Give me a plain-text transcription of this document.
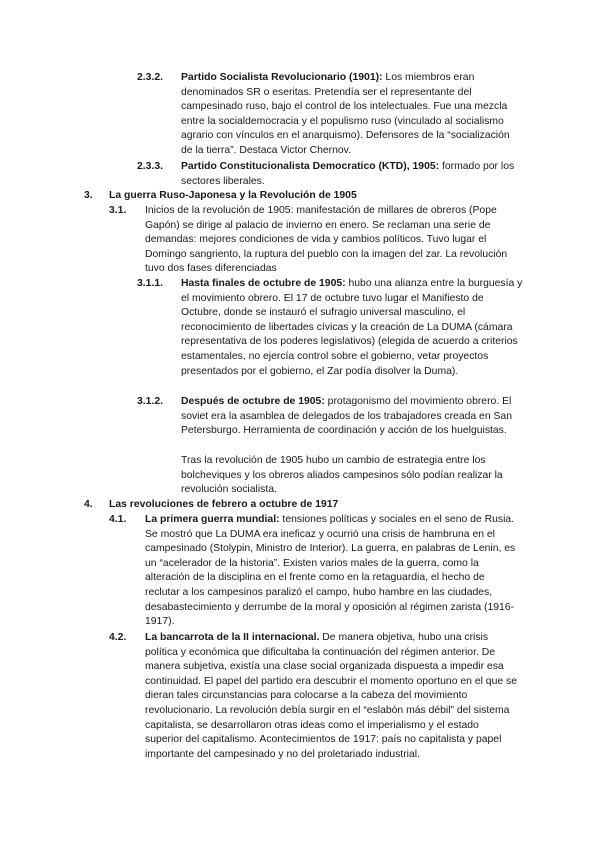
2.3.2. Partido Socialista Revolucionario (1901): Los miembros eran denominados SR o eseritas. Pretendía ser el representante del campesinado ruso, bajo el control de los intelectuales. Fue una mezcla entre la socialdemocracia y el populismo ruso (vinculado al socialismo agrario con vínculos en el anarquismo). Defensores de la “socialización de la tierra”. Destaca Victor Chernov.

2.3.3. Partido Constitucionalista Democratico (KTD), 1905: formado por los sectores liberales.

3. La guerra Ruso-Japonesa y la Revolución de 1905

3.1. Inicios de la revolución de 1905: manifestación de millares de obreros (Pope Gapón) se dirige al palacio de invierno en enero. Se reclaman una serie de demandas: mejores condiciones de vida y cambios políticos. Tuvo lugar el Domingo sangriento, la ruptura del pueblo con la imagen del zar. La revolución tuvo dos fases diferenciadas

3.1.1. Hasta finales de octubre de 1905: hubo una alianza entre la burguesía y el movimiento obrero. El 17 de octubre tuvo lugar el Manifiesto de Octubre, donde se instauró el sufragio universal masculino, el reconocimiento de libertades cívicas y la creación de La DUMA (cámara representativa de los poderes legislativos) (elegida de acuerdo a criterios estamentales, no ejercía control sobre el gobierno, vetar proyectos presentados por el gobierno, el Zar podía disolver la Duma).

3.1.2. Después de octubre de 1905: protagonismo del movimiento obrero. El soviet era la asamblea de delegados de los trabajadores creada en San Petersburgo. Herramienta de coordinación y acción de los huelguistas.

Tras la revolución de 1905 hubo un cambio de estrategia entre los bolcheviques y los obreros aliados campesinos sólo podían realizar la revolución socialista.

4. Las revoluciones de febrero a octubre de 1917

4.1. La primera guerra mundial: tensiones políticas y sociales en el seno de Rusia. Se mostró que La DUMA era ineficaz y ocurrió una crisis de hambruna en el campesinado (Stolypin, Ministro de Interior). La guerra, en palabras de Lenin, es un “acelerador de la historia”. Existen varios males de la guerra, como la alteración de la disciplina en el frente como en la retaguardia, el hecho de reclutar a los campesinos paralizó el campo, hubo hambre en las ciudades, desabastecimiento y derrumbe de la moral y oposición al régimen zarista (1916-1917).

4.2. La bancarrota de la II internacional. De manera objetiva, hubo una crisis política y económica que dificultaba la continuación del régimen anterior. De manera subjetiva, existía una clase social organizada dispuesta a impedir esa continuidad. El papel del partido era descubrir el momento oportuno en el que se dieran tales circunstancias para colocarse a la cabeza del movimiento revolucionario. La revolución debía surgir en el “eslabón más débil” del sistema capitalista, se desarrollaron otras ideas como el imperialismo y el estado superior del capitalismo. Acontecimientos de 1917: país no capitalista y papel importante del campesinado y no del proletariado industrial.
